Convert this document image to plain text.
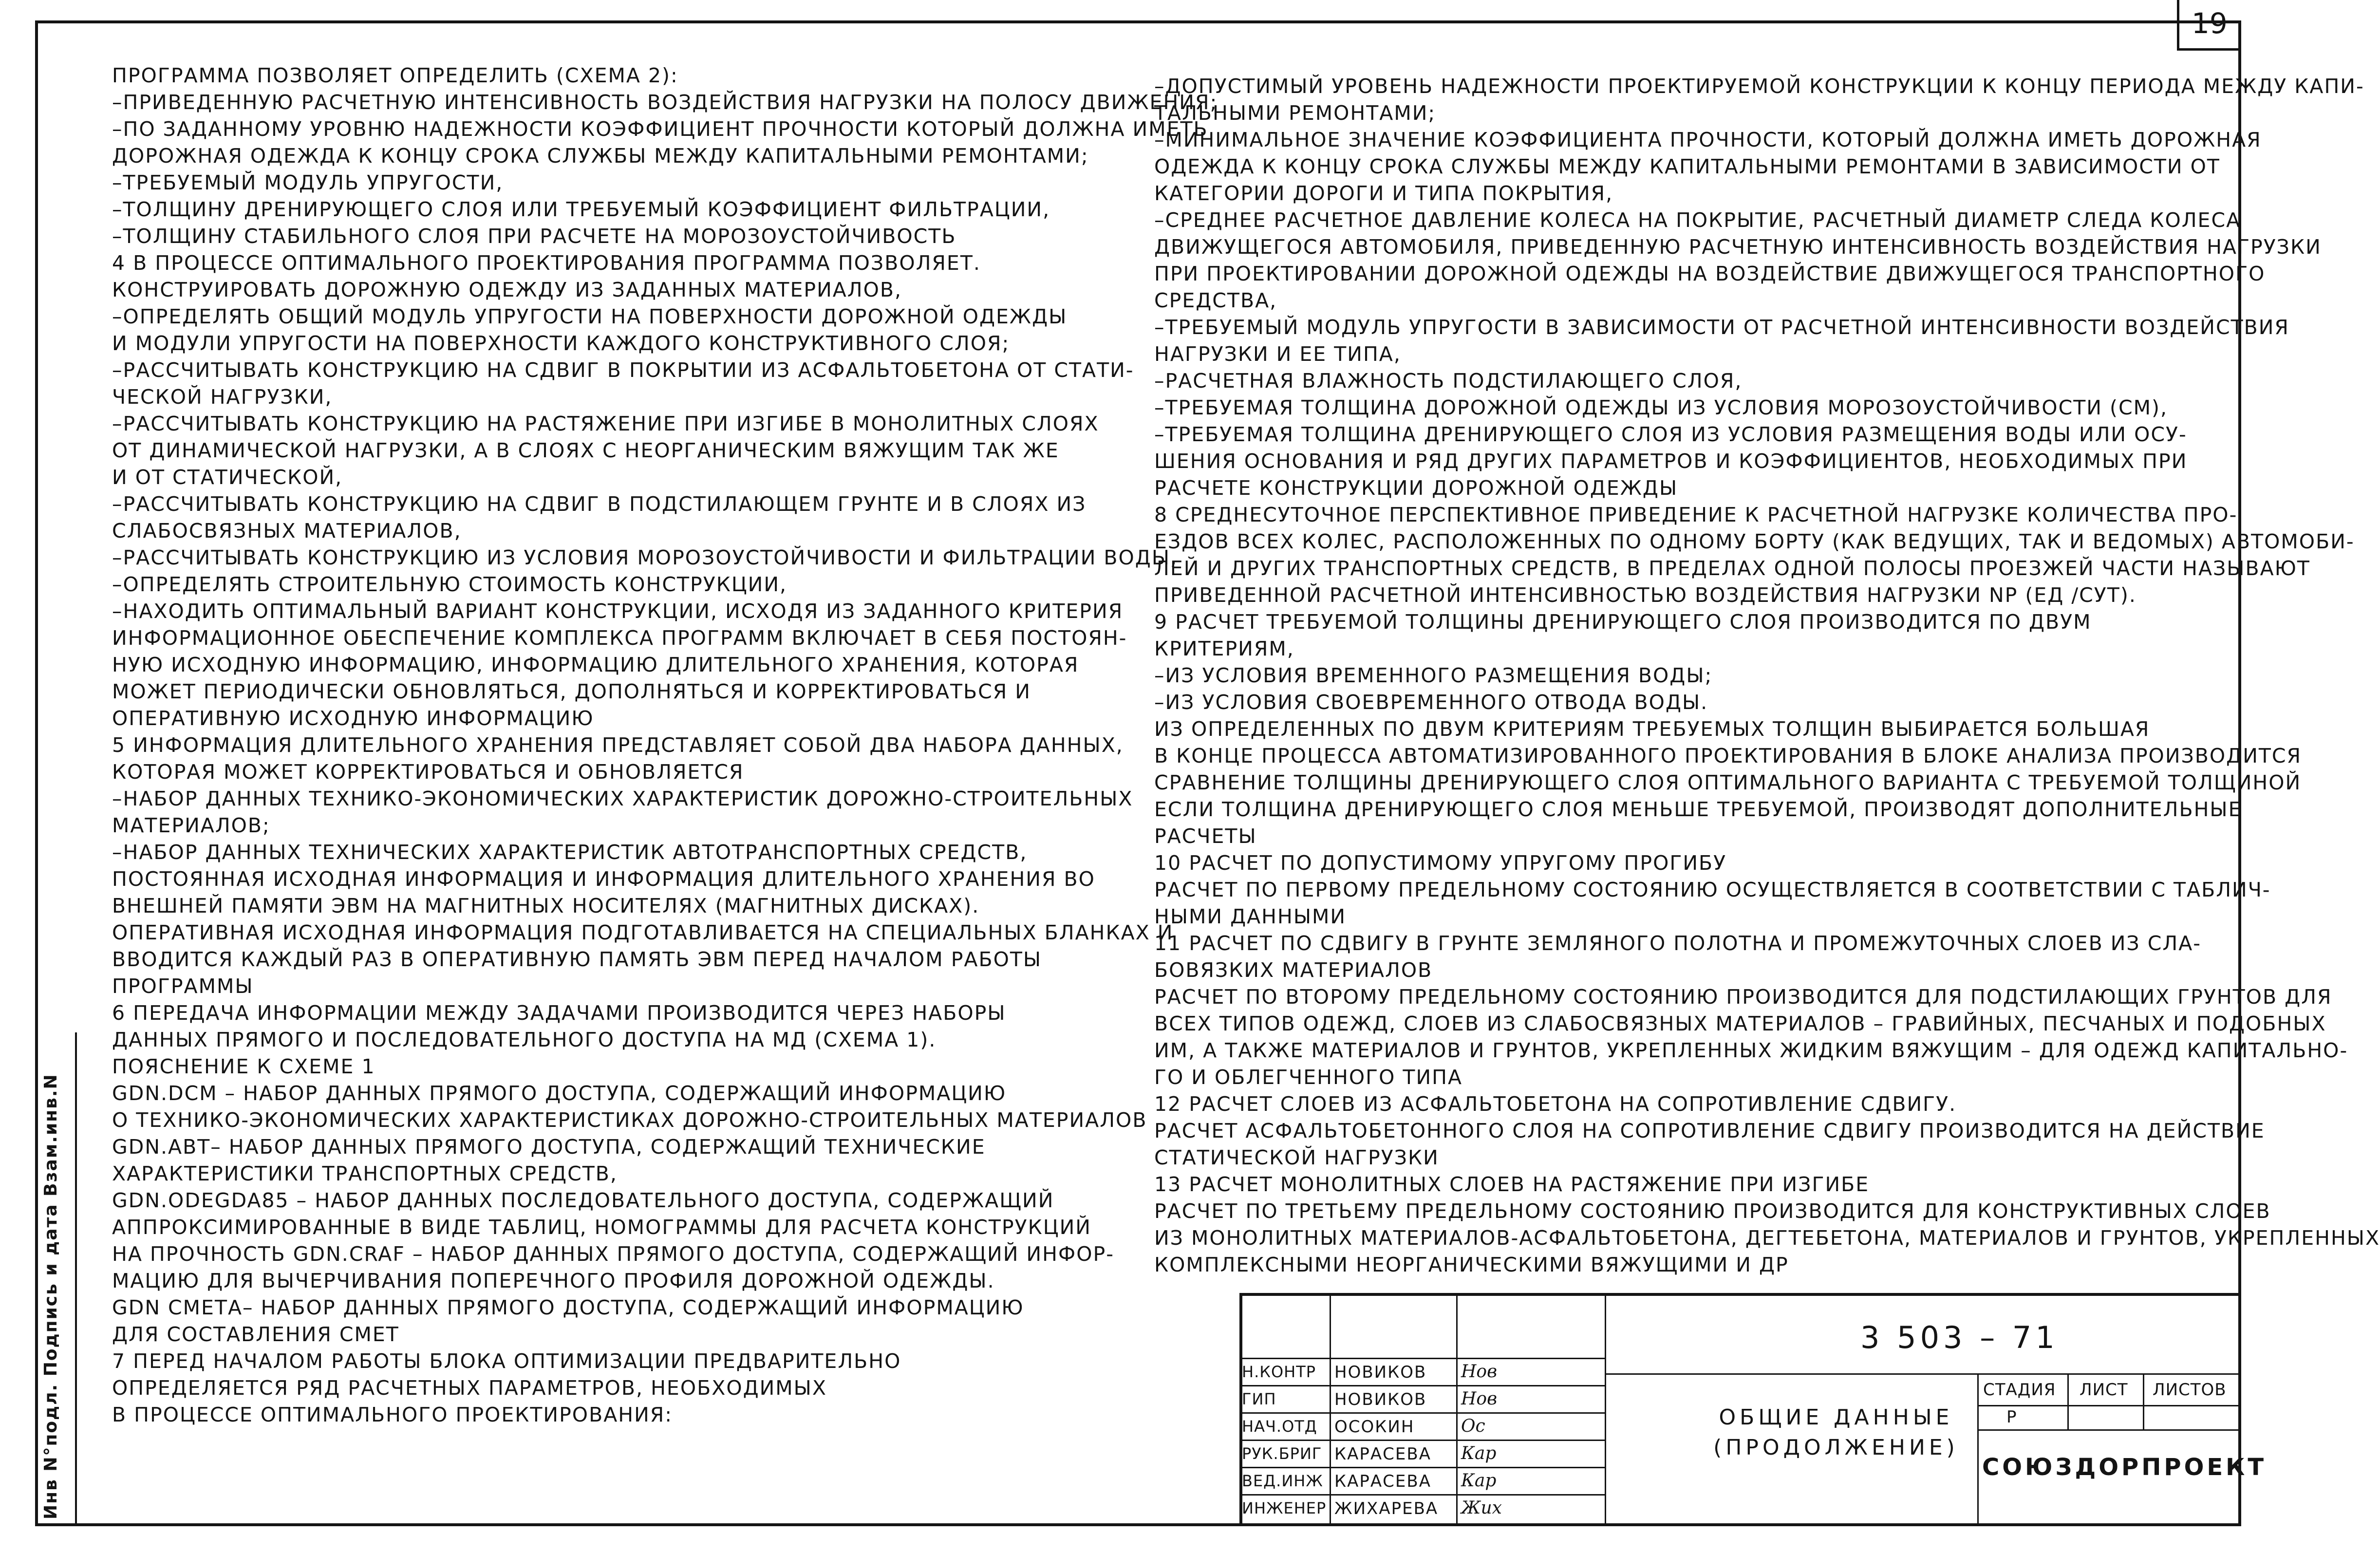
19
Инв N°подл. Подпись и дата Взам.инв.N
ПРОГРАММА ПОЗВОЛЯЕТ ОПРЕДЕЛИТЬ (СХЕМА 2):
–ПРИВЕДЕННУЮ РАСЧЕТНУЮ ИНТЕНСИВНОСТЬ ВОЗДЕЙСТВИЯ НАГРУЗКИ НА ПОЛОСУ ДВИЖЕНИЯ;
–ПО ЗАДАННОМУ УРОВНЮ НАДЕЖНОСТИ КОЭФФИЦИЕНТ ПРОЧНОСТИ КОТОРЫЙ ДОЛЖНА ИМЕТЬ
ДОРОЖНАЯ ОДЕЖДА К КОНЦУ СРОКА СЛУЖБЫ МЕЖДУ КАПИТАЛЬНЫМИ РЕМОНТАМИ;
–ТРЕБУЕМЫЙ МОДУЛЬ УПРУГОСТИ,
–ТОЛЩИНУ ДРЕНИРУЮЩЕГО СЛОЯ ИЛИ ТРЕБУЕМЫЙ КОЭФФИЦИЕНТ ФИЛЬТРАЦИИ,
–ТОЛЩИНУ СТАБИЛЬНОГО СЛОЯ ПРИ РАСЧЕТЕ НА МОРОЗОУСТОЙЧИВОСТЬ
4 В ПРОЦЕССЕ ОПТИМАЛЬНОГО ПРОЕКТИРОВАНИЯ ПРОГРАММА ПОЗВОЛЯЕТ.
КОНСТРУИРОВАТЬ ДОРОЖНУЮ ОДЕЖДУ ИЗ ЗАДАННЫХ МАТЕРИАЛОВ,
–ОПРЕДЕЛЯТЬ ОБЩИЙ МОДУЛЬ УПРУГОСТИ НА ПОВЕРХНОСТИ ДОРОЖНОЙ ОДЕЖДЫ
И МОДУЛИ УПРУГОСТИ НА ПОВЕРХНОСТИ КАЖДОГО КОНСТРУКТИВНОГО СЛОЯ;
–РАССЧИТЫВАТЬ КОНСТРУКЦИЮ НА СДВИГ В ПОКРЫТИИ ИЗ АСФАЛЬТОБЕТОНА ОТ СТАТИ-
ЧЕСКОЙ НАГРУЗКИ,
–РАССЧИТЫВАТЬ КОНСТРУКЦИЮ НА РАСТЯЖЕНИЕ ПРИ ИЗГИБЕ В МОНОЛИТНЫХ СЛОЯХ
ОТ ДИНАМИЧЕСКОЙ НАГРУЗКИ, А В СЛОЯХ С НЕОРГАНИЧЕСКИМ ВЯЖУЩИМ ТАК ЖЕ
И ОТ СТАТИЧЕСКОЙ,
–РАССЧИТЫВАТЬ КОНСТРУКЦИЮ НА СДВИГ В ПОДСТИЛАЮЩЕМ ГРУНТЕ И В СЛОЯХ ИЗ
СЛАБОСВЯЗНЫХ МАТЕРИАЛОВ,
–РАССЧИТЫВАТЬ КОНСТРУКЦИЮ ИЗ УСЛОВИЯ МОРОЗОУСТОЙЧИВОСТИ И ФИЛЬТРАЦИИ ВОДЫ,
–ОПРЕДЕЛЯТЬ СТРОИТЕЛЬНУЮ СТОИМОСТЬ КОНСТРУКЦИИ,
–НАХОДИТЬ ОПТИМАЛЬНЫЙ ВАРИАНТ КОНСТРУКЦИИ, ИСХОДЯ ИЗ ЗАДАННОГО КРИТЕРИЯ
ИНФОРМАЦИОННОЕ ОБЕСПЕЧЕНИЕ КОМПЛЕКСА ПРОГРАММ ВКЛЮЧАЕТ В СЕБЯ ПОСТОЯН-
НУЮ ИСХОДНУЮ ИНФОРМАЦИЮ, ИНФОРМАЦИЮ ДЛИТЕЛЬНОГО ХРАНЕНИЯ, КОТОРАЯ
МОЖЕТ ПЕРИОДИЧЕСКИ ОБНОВЛЯТЬСЯ, ДОПОЛНЯТЬСЯ И КОРРЕКТИРОВАТЬСЯ И
ОПЕРАТИВНУЮ ИСХОДНУЮ ИНФОРМАЦИЮ
5 ИНФОРМАЦИЯ ДЛИТЕЛЬНОГО ХРАНЕНИЯ ПРЕДСТАВЛЯЕТ СОБОЙ ДВА НАБОРА ДАННЫХ,
КОТОРАЯ МОЖЕТ КОРРЕКТИРОВАТЬСЯ И ОБНОВЛЯЕТСЯ
–НАБОР ДАННЫХ ТЕХНИКО-ЭКОНОМИЧЕСКИХ ХАРАКТЕРИСТИК ДОРОЖНО-СТРОИТЕЛЬНЫХ
МАТЕРИАЛОВ;
–НАБОР ДАННЫХ ТЕХНИЧЕСКИХ ХАРАКТЕРИСТИК АВТОТРАНСПОРТНЫХ СРЕДСТВ,
ПОСТОЯННАЯ ИСХОДНАЯ ИНФОРМАЦИЯ И ИНФОРМАЦИЯ ДЛИТЕЛЬНОГО ХРАНЕНИЯ ВО
ВНЕШНЕЙ ПАМЯТИ ЭВМ НА МАГНИТНЫХ НОСИТЕЛЯХ (МАГНИТНЫХ ДИСКАХ).
ОПЕРАТИВНАЯ ИСХОДНАЯ ИНФОРМАЦИЯ ПОДГОТАВЛИВАЕТСЯ НА СПЕЦИАЛЬНЫХ БЛАНКАХ И
ВВОДИТСЯ КАЖДЫЙ РАЗ В ОПЕРАТИВНУЮ ПАМЯТЬ ЭВМ ПЕРЕД НАЧАЛОМ РАБОТЫ
ПРОГРАММЫ
6 ПЕРЕДАЧА ИНФОРМАЦИИ МЕЖДУ ЗАДАЧАМИ ПРОИЗВОДИТСЯ ЧЕРЕЗ НАБОРЫ
ДАННЫХ ПРЯМОГО И ПОСЛЕДОВАТЕЛЬНОГО ДОСТУПА НА МД (СХЕМА 1).
ПОЯСНЕНИЕ К СХЕМЕ 1
GDN.DCM – НАБОР ДАННЫХ ПРЯМОГО ДОСТУПА, СОДЕРЖАЩИЙ ИНФОРМАЦИЮ
О ТЕХНИКО-ЭКОНОМИЧЕСКИХ ХАРАКТЕРИСТИКАХ ДОРОЖНО-СТРОИТЕЛЬНЫХ МАТЕРИАЛОВ
GDN.ABT– НАБОР ДАННЫХ ПРЯМОГО ДОСТУПА, СОДЕРЖАЩИЙ ТЕХНИЧЕСКИЕ
ХАРАКТЕРИСТИКИ ТРАНСПОРТНЫХ СРЕДСТВ,
GDN.ODEGDA85 – НАБОР ДАННЫХ ПОСЛЕДОВАТЕЛЬНОГО ДОСТУПА, СОДЕРЖАЩИЙ
АППРОКСИМИРОВАННЫЕ В ВИДЕ ТАБЛИЦ, НОМОГРАММЫ ДЛЯ РАСЧЕТА КОНСТРУКЦИЙ
НА ПРОЧНОСТЬ GDN.CRAF – НАБОР ДАННЫХ ПРЯМОГО ДОСТУПА, СОДЕРЖАЩИЙ ИНФОР-
МАЦИЮ ДЛЯ ВЫЧЕРЧИВАНИЯ ПОПЕРЕЧНОГО ПРОФИЛЯ ДОРОЖНОЙ ОДЕЖДЫ.
GDN СМЕТА– НАБОР ДАННЫХ ПРЯМОГО ДОСТУПА, СОДЕРЖАЩИЙ ИНФОРМАЦИЮ
ДЛЯ СОСТАВЛЕНИЯ СМЕТ
7 ПЕРЕД НАЧАЛОМ РАБОТЫ БЛОКА ОПТИМИЗАЦИИ ПРЕДВАРИТЕЛЬНО
ОПРЕДЕЛЯЕТСЯ РЯД РАСЧЕТНЫХ ПАРАМЕТРОВ, НЕОБХОДИМЫХ
В ПРОЦЕССЕ ОПТИМАЛЬНОГО ПРОЕКТИРОВАНИЯ:
–ДОПУСТИМЫЙ УРОВЕНЬ НАДЕЖНОСТИ ПРОЕКТИРУЕМОЙ КОНСТРУКЦИИ К КОНЦУ ПЕРИОДА МЕЖДУ КАПИ-
ТАЛЬНЫМИ РЕМОНТАМИ;
–МИНИМАЛЬНОЕ ЗНАЧЕНИЕ КОЭФФИЦИЕНТА ПРОЧНОСТИ, КОТОРЫЙ ДОЛЖНА ИМЕТЬ ДОРОЖНАЯ
ОДЕЖДА К КОНЦУ СРОКА СЛУЖБЫ МЕЖДУ КАПИТАЛЬНЫМИ РЕМОНТАМИ В ЗАВИСИМОСТИ ОТ
КАТЕГОРИИ ДОРОГИ И ТИПА ПОКРЫТИЯ,
–СРЕДНЕЕ РАСЧЕТНОЕ ДАВЛЕНИЕ КОЛЕСА НА ПОКРЫТИЕ, РАСЧЕТНЫЙ ДИАМЕТР СЛЕДА КОЛЕСА
ДВИЖУЩЕГОСЯ АВТОМОБИЛЯ, ПРИВЕДЕННУЮ РАСЧЕТНУЮ ИНТЕНСИВНОСТЬ ВОЗДЕЙСТВИЯ НАГРУЗКИ
ПРИ ПРОЕКТИРОВАНИИ ДОРОЖНОЙ ОДЕЖДЫ НА ВОЗДЕЙСТВИЕ ДВИЖУЩЕГОСЯ ТРАНСПОРТНОГО
СРЕДСТВА,
–ТРЕБУЕМЫЙ МОДУЛЬ УПРУГОСТИ В ЗАВИСИМОСТИ ОТ РАСЧЕТНОЙ ИНТЕНСИВНОСТИ ВОЗДЕЙСТВИЯ
НАГРУЗКИ И ЕЕ ТИПА,
–РАСЧЕТНАЯ ВЛАЖНОСТЬ ПОДСТИЛАЮЩЕГО СЛОЯ,
–ТРЕБУЕМАЯ ТОЛЩИНА ДОРОЖНОЙ ОДЕЖДЫ ИЗ УСЛОВИЯ МОРОЗОУСТОЙЧИВОСТИ (СМ),
–ТРЕБУЕМАЯ ТОЛЩИНА ДРЕНИРУЮЩЕГО СЛОЯ ИЗ УСЛОВИЯ РАЗМЕЩЕНИЯ ВОДЫ ИЛИ ОСУ-
ШЕНИЯ ОСНОВАНИЯ И РЯД ДРУГИХ ПАРАМЕТРОВ И КОЭФФИЦИЕНТОВ, НЕОБХОДИМЫХ ПРИ
РАСЧЕТЕ КОНСТРУКЦИИ ДОРОЖНОЙ ОДЕЖДЫ
8 СРЕДНЕСУТОЧНОЕ ПЕРСПЕКТИВНОЕ ПРИВЕДЕНИЕ К РАСЧЕТНОЙ НАГРУЗКЕ КОЛИЧЕСТВА ПРО-
ЕЗДОВ ВСЕХ КОЛЕС, РАСПОЛОЖЕННЫХ ПО ОДНОМУ БОРТУ (КАК ВЕДУЩИХ, ТАК И ВЕДОМЫХ) АВТОМОБИ-
ЛЕЙ И ДРУГИХ ТРАНСПОРТНЫХ СРЕДСТВ, В ПРЕДЕЛАХ ОДНОЙ ПОЛОСЫ ПРОЕЗЖЕЙ ЧАСТИ НАЗЫВАЮТ
ПРИВЕДЕННОЙ РАСЧЕТНОЙ ИНТЕНСИВНОСТЬЮ ВОЗДЕЙСТВИЯ НАГРУЗКИ NP (ЕД /СУТ).
9 РАСЧЕТ ТРЕБУЕМОЙ ТОЛЩИНЫ ДРЕНИРУЮЩЕГО СЛОЯ ПРОИЗВОДИТСЯ ПО ДВУМ
КРИТЕРИЯМ,
–ИЗ УСЛОВИЯ ВРЕМЕННОГО РАЗМЕЩЕНИЯ ВОДЫ;
–ИЗ УСЛОВИЯ СВОЕВРЕМЕННОГО ОТВОДА ВОДЫ.
ИЗ ОПРЕДЕЛЕННЫХ ПО ДВУМ КРИТЕРИЯМ ТРЕБУЕМЫХ ТОЛЩИН ВЫБИРАЕТСЯ БОЛЬШАЯ
В КОНЦЕ ПРОЦЕССА АВТОМАТИЗИРОВАННОГО ПРОЕКТИРОВАНИЯ В БЛОКЕ АНАЛИЗА ПРОИЗВОДИТСЯ
СРАВНЕНИЕ ТОЛЩИНЫ ДРЕНИРУЮЩЕГО СЛОЯ ОПТИМАЛЬНОГО ВАРИАНТА С ТРЕБУЕМОЙ ТОЛЩИНОЙ
ЕСЛИ ТОЛЩИНА ДРЕНИРУЮЩЕГО СЛОЯ МЕНЬШЕ ТРЕБУЕМОЙ, ПРОИЗВОДЯТ ДОПОЛНИТЕЛЬНЫЕ
РАСЧЕТЫ
10 РАСЧЕТ ПО ДОПУСТИМОМУ УПРУГОМУ ПРОГИБУ
РАСЧЕТ ПО ПЕРВОМУ ПРЕДЕЛЬНОМУ СОСТОЯНИЮ ОСУЩЕСТВЛЯЕТСЯ В СООТВЕТСТВИИ С ТАБЛИЧ-
НЫМИ ДАННЫМИ
11 РАСЧЕТ ПО СДВИГУ В ГРУНТЕ ЗЕМЛЯНОГО ПОЛОТНА И ПРОМЕЖУТОЧНЫХ СЛОЕВ ИЗ СЛА-
БОВЯЗКИХ МАТЕРИАЛОВ
РАСЧЕТ ПО ВТОРОМУ ПРЕДЕЛЬНОМУ СОСТОЯНИЮ ПРОИЗВОДИТСЯ ДЛЯ ПОДСТИЛАЮЩИХ ГРУНТОВ ДЛЯ
ВСЕХ ТИПОВ ОДЕЖД, СЛОЕВ ИЗ СЛАБОСВЯЗНЫХ МАТЕРИАЛОВ – ГРАВИЙНЫХ, ПЕСЧАНЫХ И ПОДОБНЫХ
ИМ, А ТАКЖЕ МАТЕРИАЛОВ И ГРУНТОВ, УКРЕПЛЕННЫХ ЖИДКИМ ВЯЖУЩИМ – ДЛЯ ОДЕЖД КАПИТАЛЬНО-
ГО И ОБЛЕГЧЕННОГО ТИПА
12 РАСЧЕТ СЛОЕВ ИЗ АСФАЛЬТОБЕТОНА НА СОПРОТИВЛЕНИЕ СДВИГУ.
РАСЧЕТ АСФАЛЬТОБЕТОННОГО СЛОЯ НА СОПРОТИВЛЕНИЕ СДВИГУ ПРОИЗВОДИТСЯ НА ДЕЙСТВИЕ
СТАТИЧЕСКОЙ НАГРУЗКИ
13 РАСЧЕТ МОНОЛИТНЫХ СЛОЕВ НА РАСТЯЖЕНИЕ ПРИ ИЗГИБЕ
РАСЧЕТ ПО ТРЕТЬЕМУ ПРЕДЕЛЬНОМУ СОСТОЯНИЮ ПРОИЗВОДИТСЯ ДЛЯ КОНСТРУКТИВНЫХ СЛОЕВ
ИЗ МОНОЛИТНЫХ МАТЕРИАЛОВ-АСФАЛЬТОБЕТОНА, ДЕГТЕБЕТОНА, МАТЕРИАЛОВ И ГРУНТОВ, УКРЕПЛЕННЫХ
КОМПЛЕКСНЫМИ НЕОРГАНИЧЕСКИМИ ВЯЖУЩИМИ И ДР
Н.КОНТР НОВИКОВ Нов
ГИП	НОВИКОВ Нов
НАЧ.ОТД ОСОКИН	Ос
РУК.БРИГ КАРАСЕВА Кар
ВЕД.ИНЖ КАРАСЕВА Кар
ИНЖЕНЕР ЖИХАРЕВА Жих
3 503 – 71
ОБЩИЕ ДАННЫЕ
(ПРОДОЛЖЕНИЕ)
СТАДИЯ ЛИСТ ЛИСТОВ
Р
СОЮЗДОРПРОЕКТ
